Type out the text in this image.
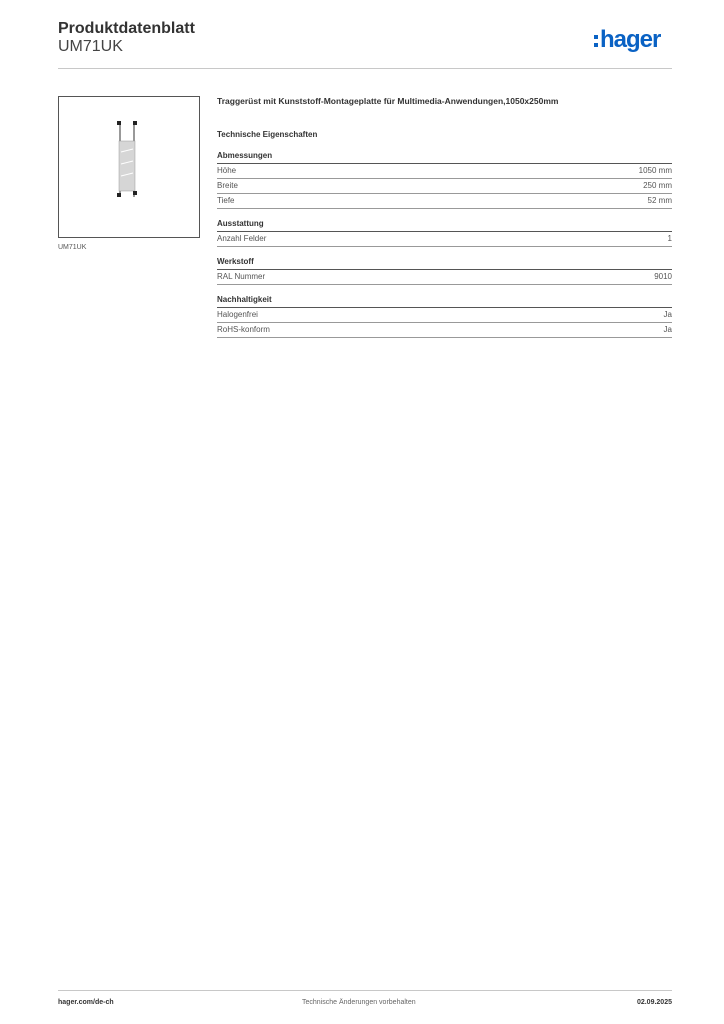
Produktdatenblatt
UM71UK	hager
UM71UK
Traggerüst mit Kunststoff-Montageplatte für Multimedia-Anwendungen,1050x250mm
Technische Eigenschaften
Abmessungen
Höhe	1050 mm
Breite	250 mm
Tiefe	52 mm
Ausstattung
Anzahl Felder	1
Werkstoff
RAL Nummer	9010
Nachhaltigkeit
Halogenfrei	Ja
RoHS-konform	Ja
hager.com/de-ch	Technische Änderungen vorbehalten	02.09.2025
